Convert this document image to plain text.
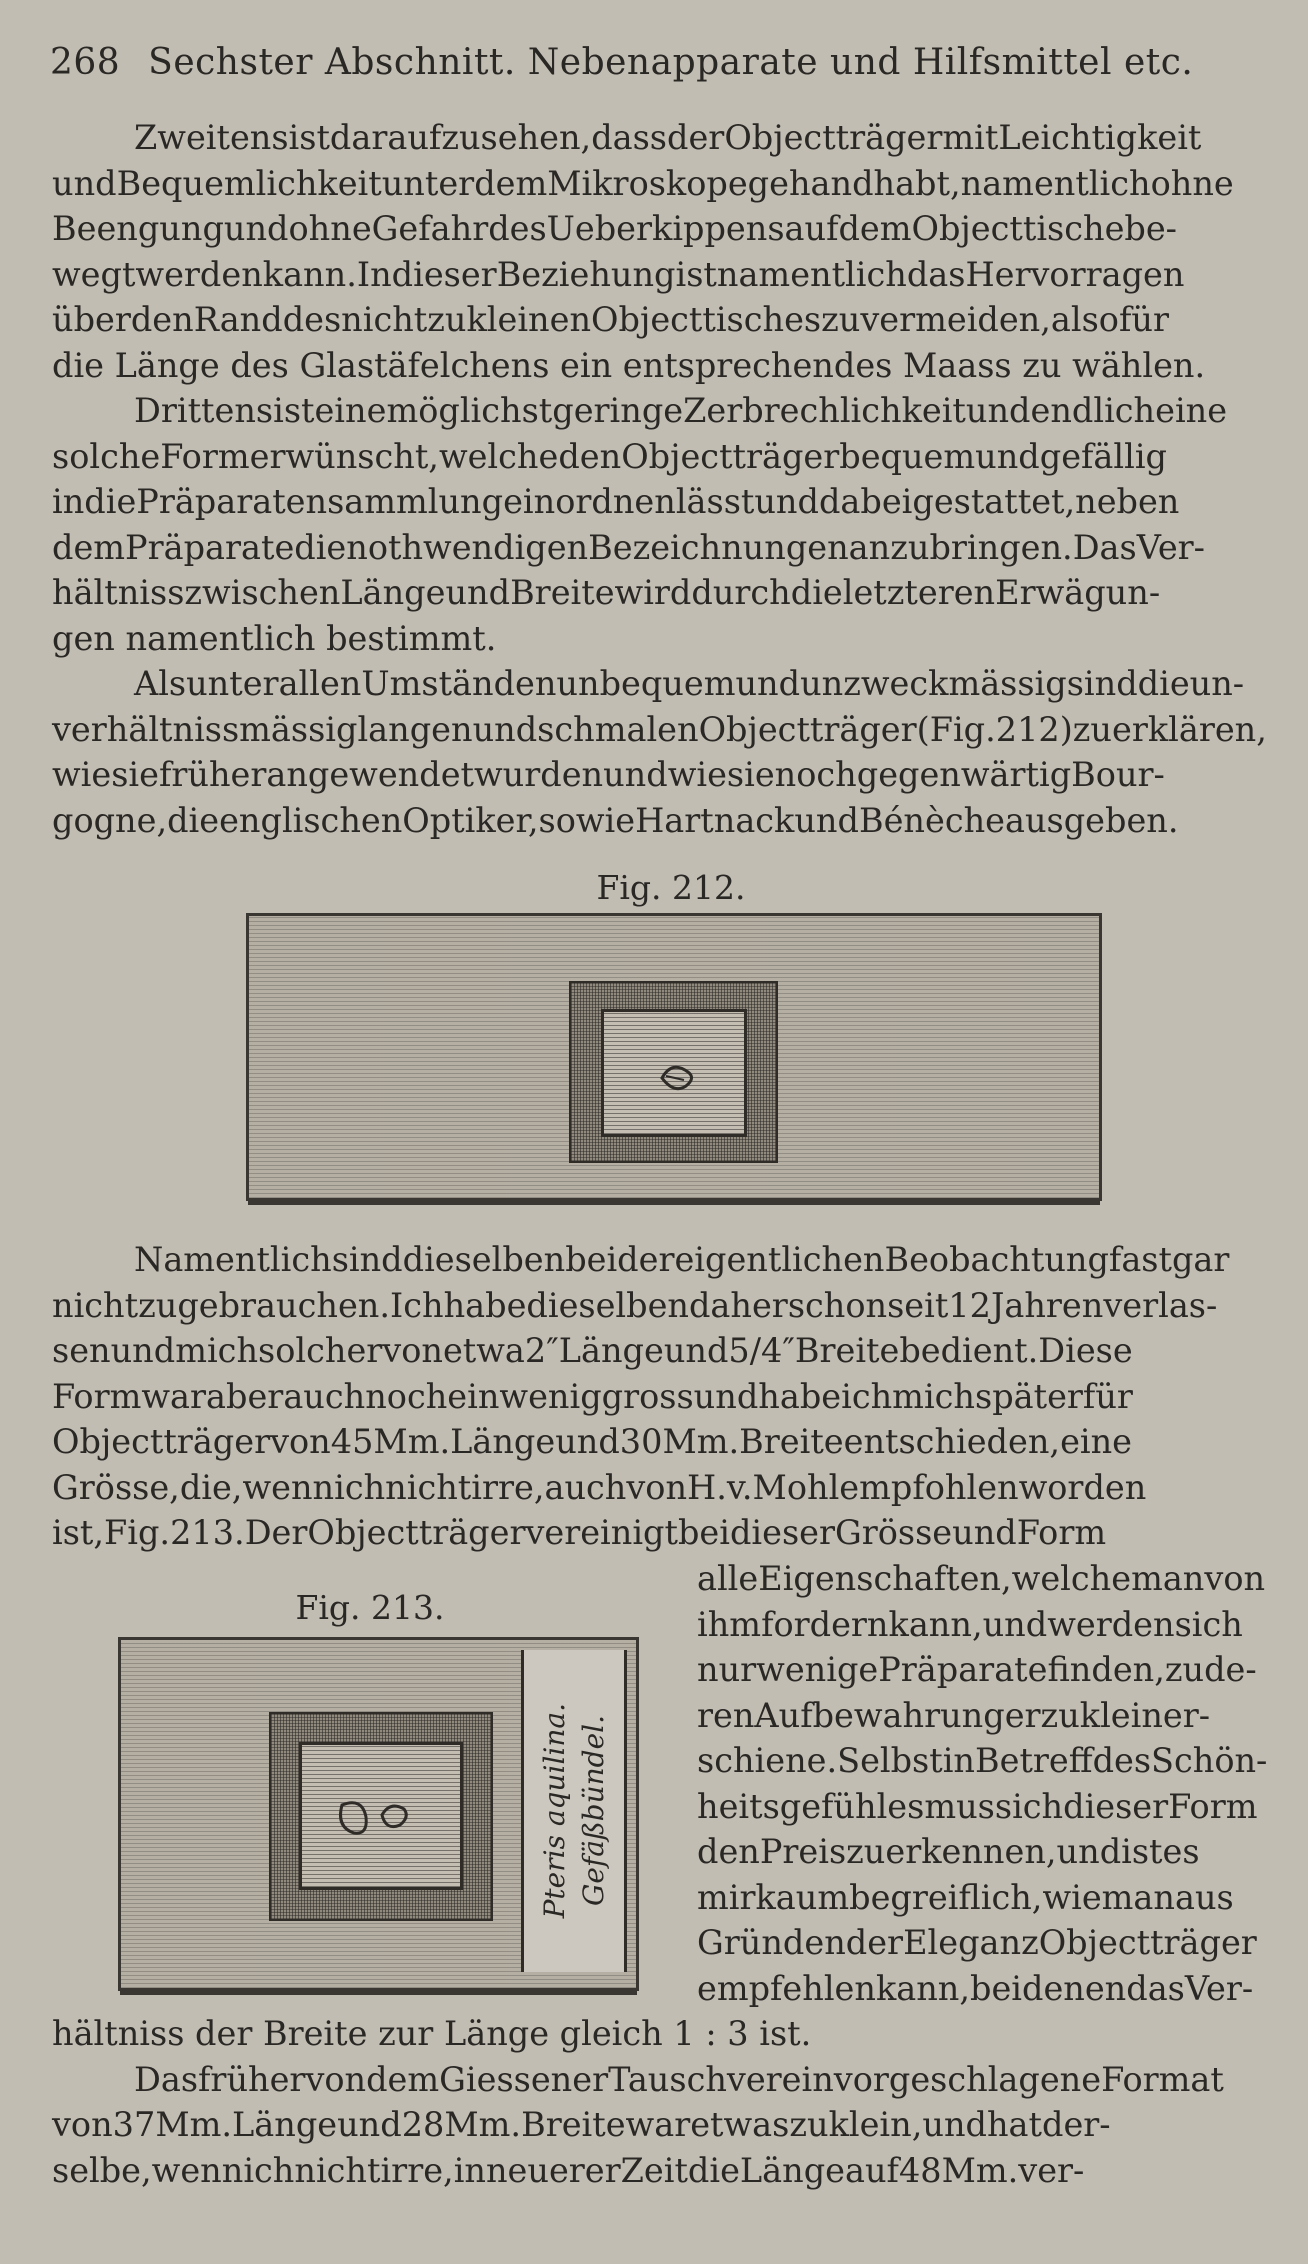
268 Sechster Abschnitt. Nebenapparate und Hilfsmittel etc.
Zweitensistdaraufzusehen,dassderObjectträgermitLeichtigkeit
undBequemlichkeitunterdemMikroskopegehandhabt,namentlichohne
BeengungundohneGefahrdesUeberkippensaufdemObjecttischebe-
wegtwerdenkann.IndieserBeziehungistnamentlichdasHervorragen
überdenRanddesnichtzukleinenObjecttischeszuvermeiden,alsofür
die Länge des Glastäfelchens ein entsprechendes Maass zu wählen.
DrittensisteinemöglichstgeringeZerbrechlichkeitundendlicheine
solcheFormerwünscht,welchedenObjectträgerbequemundgefällig
indiePräparatensammlungeinordnenlässtunddabeigestattet,neben
demPräparatedienothwendigenBezeichnungenanzubringen.DasVer-
hältnisszwischenLängeundBreitewirddurchdieletzterenErwägun-
gen namentlich bestimmt.
AlsunterallenUmständenunbequemundunzweckmässigsinddieun-
verhältnissmässiglangenundschmalenObjectträger(Fig.212)zuerklären,
wiesiefrüherangewendetwurdenundwiesienochgegenwärtigBour-
gogne,dieenglischenOptiker,sowieHartnackundBénècheausgeben.
Fig. 212.
NamentlichsinddieselbenbeidereigentlichenBeobachtungfastgar
nichtzugebrauchen.Ichhabedieselbendaherschonseit12Jahrenverlas-
senundmichsolchervonetwa2″Längeund5/4″Breitebedient.Diese
Formwaraberauchnocheinweniggrossundhabeichmichspäterfür
Objectträgervon45Mm.Längeund30Mm.Breiteentschieden,eine
Grösse,die,wennichnichtirre,auchvonH.v.Mohlempfohlenworden
ist,Fig.213.DerObjectträgervereinigtbeidieserGrösseundForm
Fig. 213.
Pteris aquilina. Gefäßbündel.
alleEigenschaften,welchemanvon
ihmfordernkann,undwerdensich
nurwenigePräparatefinden,zude-
renAufbewahrungerzukleiner-
schiene.SelbstinBetreffdesSchön-
heitsgefühlesmussichdieserForm
denPreiszuerkennen,undistes
mirkaumbegreiflich,wiemanaus
GründenderEleganzObjectträger
empfehlenkann,beidenendasVer-
hältniss der Breite zur Länge gleich 1 : 3 ist.
DasfrühervondemGiessenerTauschvereinvorgeschlageneFormat
von37Mm.Längeund28Mm.Breitewaretwaszuklein,undhatder-
selbe,wennichnichtirre,inneuererZeitdieLängeauf48Mm.ver-
